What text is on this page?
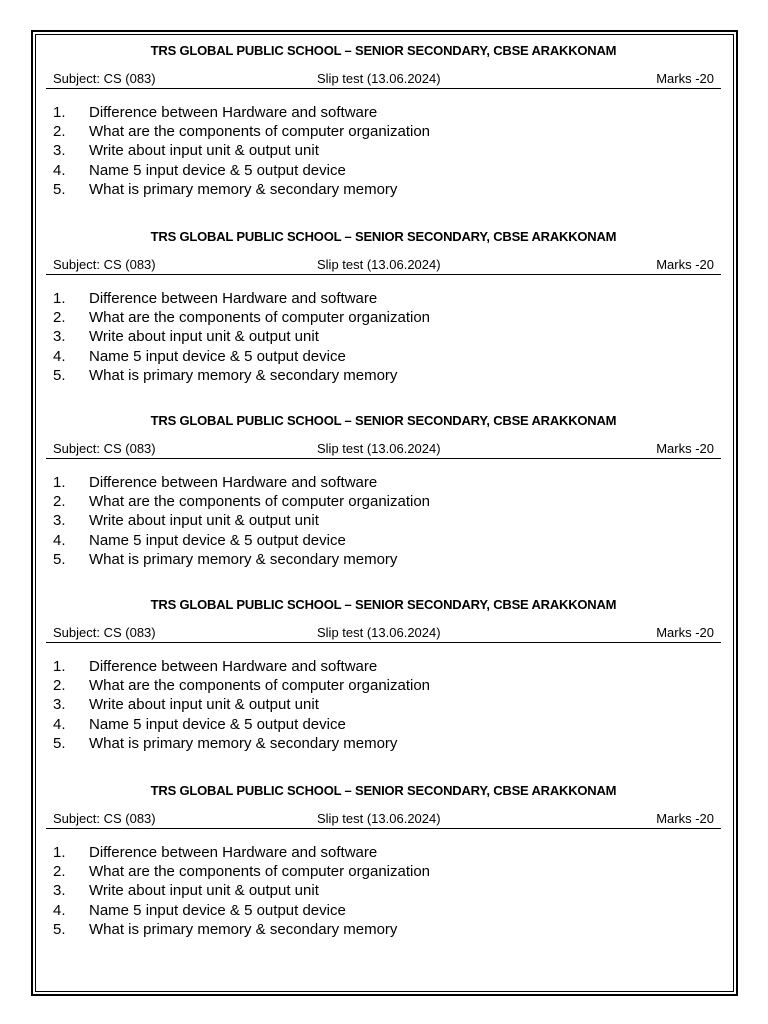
TRS GLOBAL PUBLIC SCHOOL – SENIOR SECONDARY, CBSE ARAKKONAM
Subject: CS (083)	Slip test (13.06.2024)	Marks -20
1. Difference between Hardware and software
2. What are the components of computer organization
3. Write about input unit & output unit
4. Name 5 input device & 5 output device
5. What is primary memory & secondary memory
TRS GLOBAL PUBLIC SCHOOL – SENIOR SECONDARY, CBSE ARAKKONAM
Subject: CS (083)	Slip test (13.06.2024)	Marks -20
1. Difference between Hardware and software
2. What are the components of computer organization
3. Write about input unit & output unit
4. Name 5 input device & 5 output device
5. What is primary memory & secondary memory
TRS GLOBAL PUBLIC SCHOOL – SENIOR SECONDARY, CBSE ARAKKONAM
Subject: CS (083)	Slip test (13.06.2024)	Marks -20
1. Difference between Hardware and software
2. What are the components of computer organization
3. Write about input unit & output unit
4. Name 5 input device & 5 output device
5. What is primary memory & secondary memory
TRS GLOBAL PUBLIC SCHOOL – SENIOR SECONDARY, CBSE ARAKKONAM
Subject: CS (083)	Slip test (13.06.2024)	Marks -20
1. Difference between Hardware and software
2. What are the components of computer organization
3. Write about input unit & output unit
4. Name 5 input device & 5 output device
5. What is primary memory & secondary memory
TRS GLOBAL PUBLIC SCHOOL – SENIOR SECONDARY, CBSE ARAKKONAM
Subject: CS (083)	Slip test (13.06.2024)	Marks -20
1. Difference between Hardware and software
2. What are the components of computer organization
3. Write about input unit & output unit
4. Name 5 input device & 5 output device
5. What is primary memory & secondary memory
